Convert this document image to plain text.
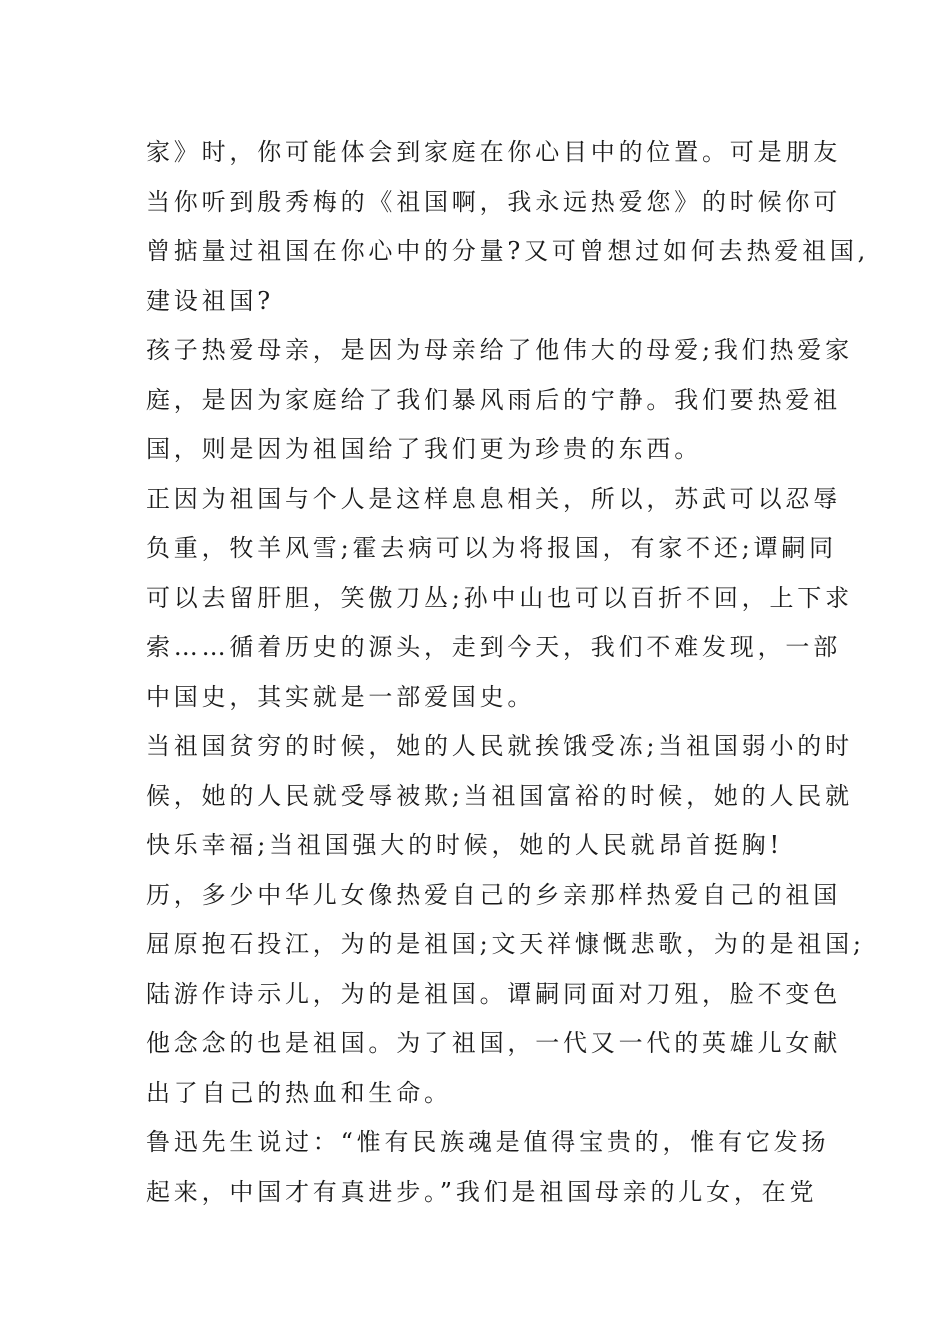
家》时，你可能体会到家庭在你心目中的位置。可是朋友
当你听到殷秀梅的《祖国啊，我永远热爱您》的时候你可
曾掂量过祖国在你心中的分量?又可曾想过如何去热爱祖国,
建设祖国?
孩子热爱母亲，是因为母亲给了他伟大的母爱;我们热爱家
庭，是因为家庭给了我们暴风雨后的宁静。我们要热爱祖
国，则是因为祖国给了我们更为珍贵的东西。
正因为祖国与个人是这样息息相关，所以，苏武可以忍辱
负重，牧羊风雪;霍去病可以为将报国，有家不还;谭嗣同
可以去留肝胆，笑傲刀丛;孙中山也可以百折不回，上下求
索……循着历史的源头，走到今天，我们不难发现，一部
中国史，其实就是一部爱国史。
当祖国贫穷的时候，她的人民就挨饿受冻;当祖国弱小的时
候，她的人民就受辱被欺;当祖国富裕的时候，她的人民就
快乐幸福;当祖国强大的时候，她的人民就昂首挺胸!
历，多少中华儿女像热爱自己的乡亲那样热爱自己的祖国
屈原抱石投江，为的是祖国;文天祥慷慨悲歌，为的是祖国;
陆游作诗示儿，为的是祖国。谭嗣同面对刀殂，脸不变色
他念念的也是祖国。为了祖国，一代又一代的英雄儿女献
出了自己的热血和生命。
鲁迅先生说过：“惟有民族魂是值得宝贵的，惟有它发扬
起来，中国才有真进步。”我们是祖国母亲的儿女，在党
